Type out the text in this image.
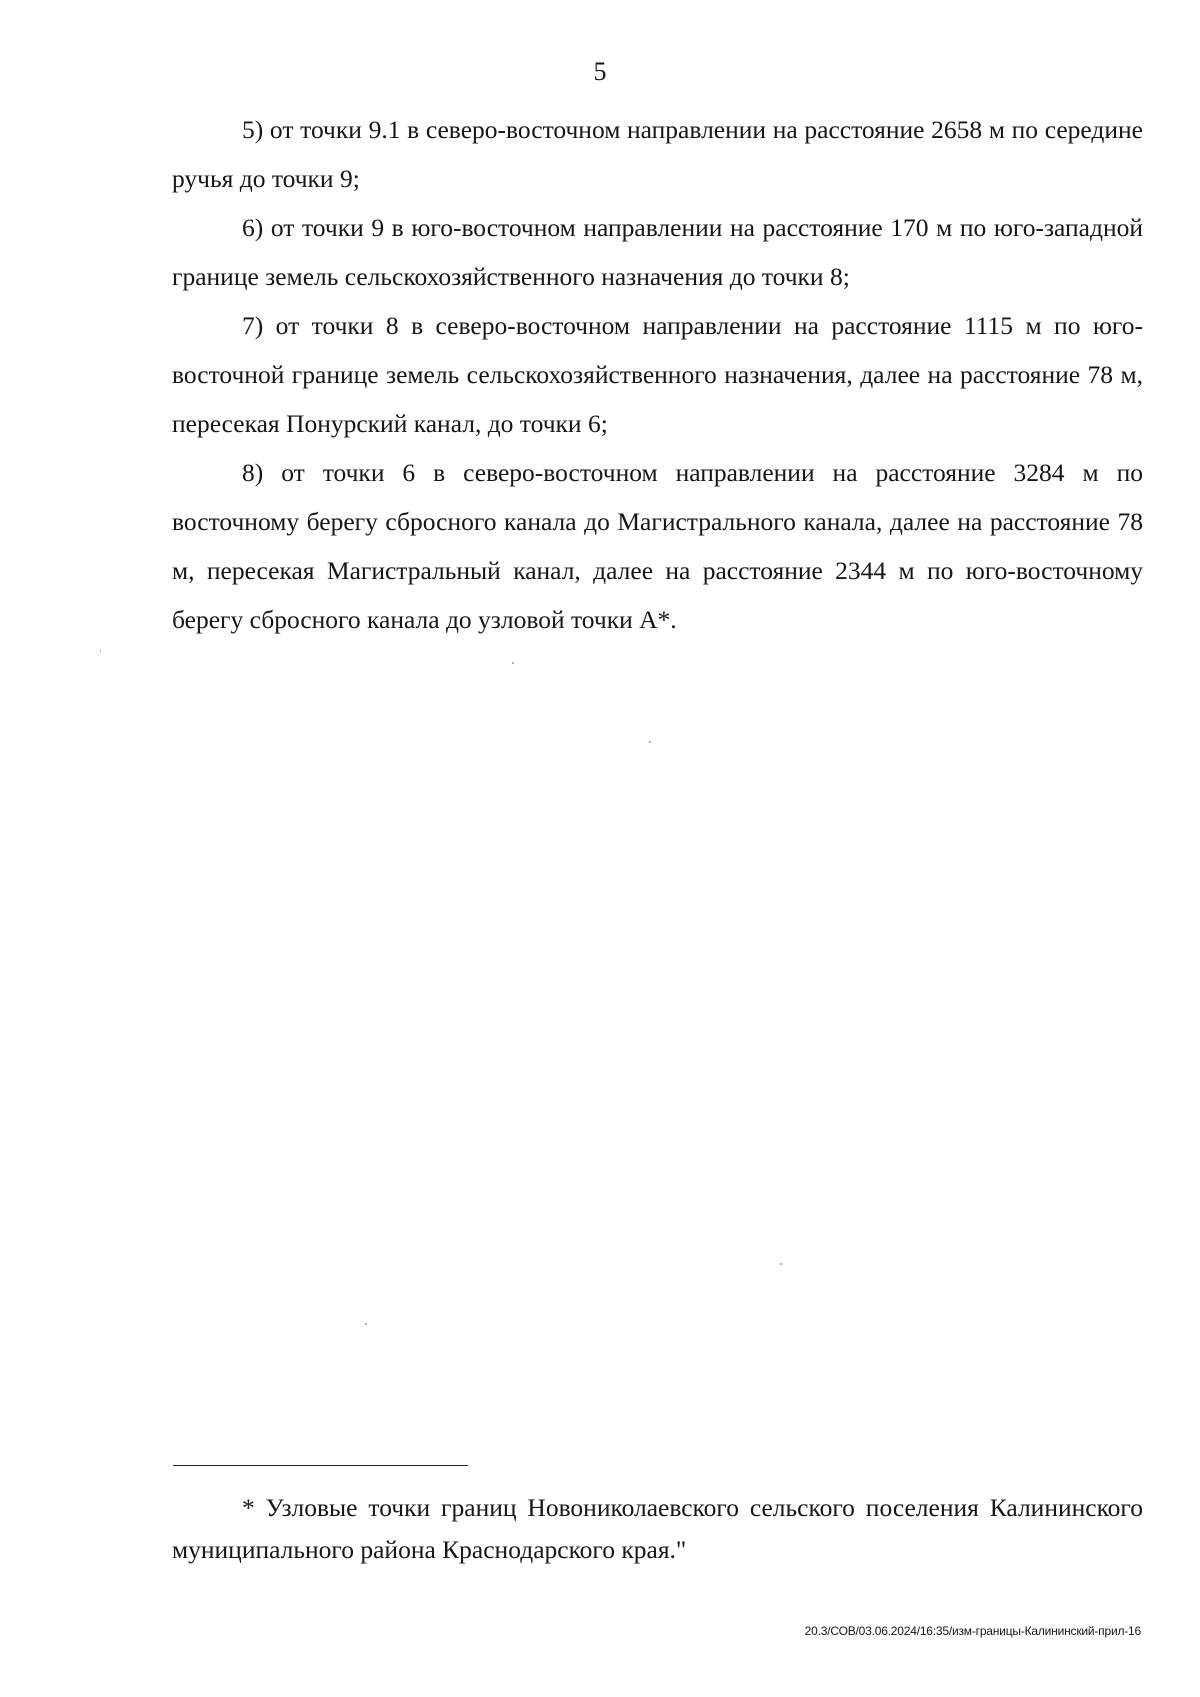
5

5) от точки 9.1 в северо-восточном направлении на расстояние 2658 м по середине ручья до точки 9;

6) от точки 9 в юго-восточном направлении на расстояние 170 м по юго-западной границе земель сельскохозяйственного назначения до точки 8;

7) от точки 8 в северо-восточном направлении на расстояние 1115 м по юго-восточной границе земель сельскохозяйственного назначения, далее на расстояние 78 м, пересекая Понурский канал, до точки 6;

8) от точки 6 в северо-восточном направлении на расстояние 3284 м по восточному берегу сбросного канала до Магистрального канала, далее на расстояние 78 м, пересекая Магистральный канал, далее на расстояние 2344 м по юго-восточному берегу сбросного канала до узловой точки А*.

* Узловые точки границ Новониколаевского сельского поселения Калининского муниципального района Краснодарского края."

20.3/СОВ/03.06.2024/16:35/изм-границы-Калининский-прил-16
